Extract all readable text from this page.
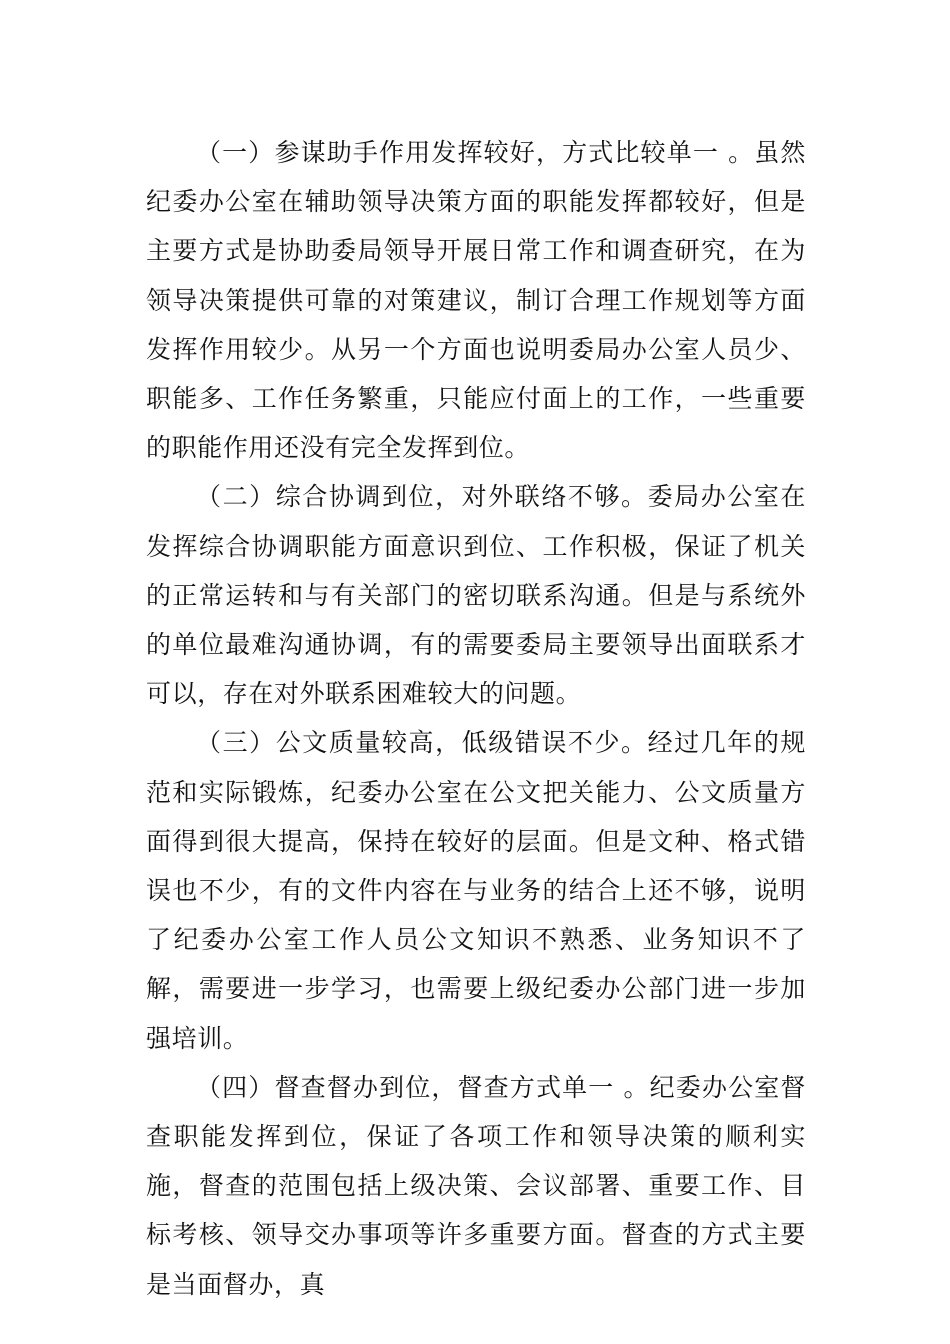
（一）参谋助手作用发挥较好，方式比较单一 。虽然纪委办公室在辅助领导决策方面的职能发挥都较好，但是主要方式是协助委局领导开展日常工作和调查研究，在为领导决策提供可靠的对策建议，制订合理工作规划等方面发挥作用较少。从另一个方面也说明委局办公室人员少、职能多、工作任务繁重，只能应付面上的工作，一些重要的职能作用还没有完全发挥到位。

（二）综合协调到位，对外联络不够。委局办公室在发挥综合协调职能方面意识到位、工作积极，保证了机关的正常运转和与有关部门的密切联系沟通。但是与系统外的单位最难沟通协调，有的需要委局主要领导出面联系才可以，存在对外联系困难较大的问题。

（三）公文质量较高，低级错误不少。经过几年的规范和实际锻炼，纪委办公室在公文把关能力、公文质量方面得到很大提高，保持在较好的层面。但是文种、格式错误也不少，有的文件内容在与业务的结合上还不够，说明了纪委办公室工作人员公文知识不熟悉、业务知识不了解，需要进一步学习，也需要上级纪委办公部门进一步加强培训。

（四）督查督办到位，督查方式单一 。纪委办公室督查职能发挥到位，保证了各项工作和领导决策的顺利实施，督查的范围包括上级决策、会议部署、重要工作、目标考核、领导交办事项等许多重要方面。督查的方式主要是当面督办，真
